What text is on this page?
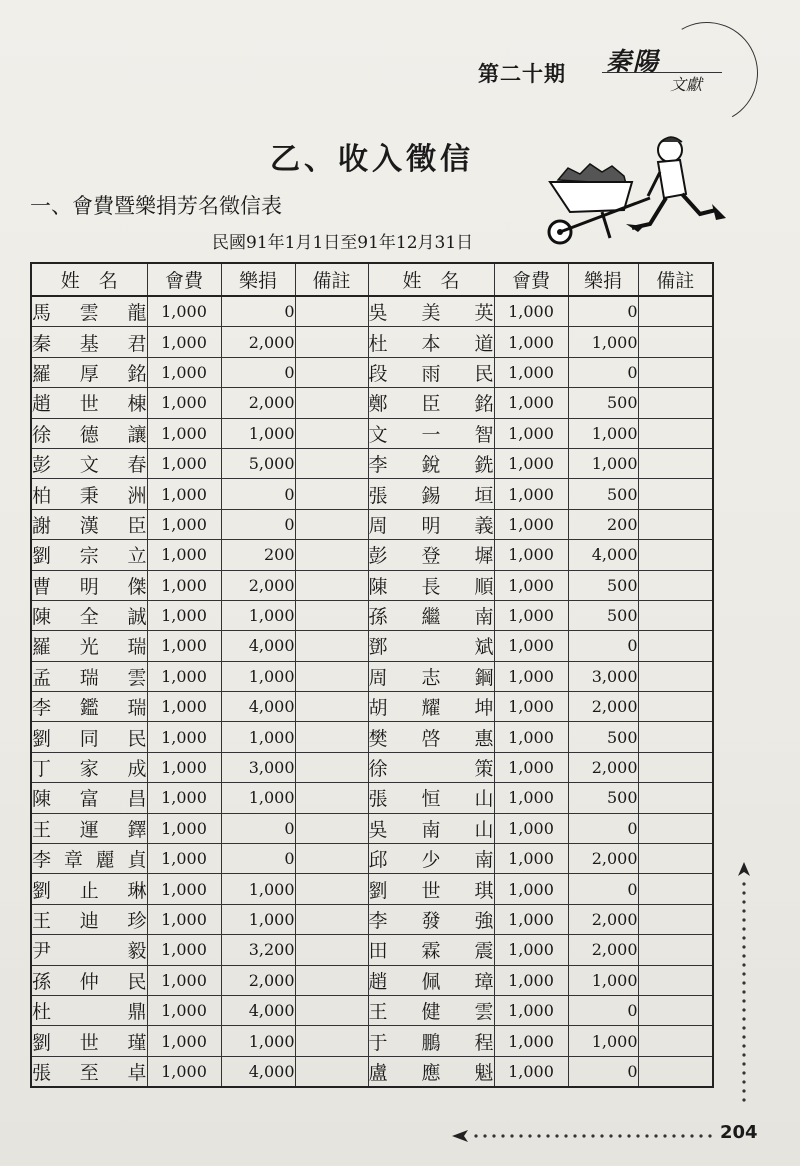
第二十期 秦陽
文獻
乙、收入徵信
一、會費暨樂捐芳名徵信表
民國91年1月1日至91年12月31日
姓　名	會費	樂捐	備註	姓　名	會費	樂捐	備註
馬雲龍	1,000	0		吳美英	1,000	0	
秦基君	1,000	2,000		杜本道	1,000	1,000	
羅厚銘	1,000	0		段雨民	1,000	0	
趙世棟	1,000	2,000		鄭臣銘	1,000	500	
徐德讓	1,000	1,000		文一智	1,000	1,000	
彭文春	1,000	5,000		李銳銑	1,000	1,000	
柏秉洲	1,000	0		張錫垣	1,000	500	
謝漢臣	1,000	0		周明義	1,000	200	
劉宗立	1,000	200		彭登墀	1,000	4,000	
曹明傑	1,000	2,000		陳長順	1,000	500	
陳全誠	1,000	1,000		孫繼南	1,000	500	
羅光瑞	1,000	4,000		鄧斌	1,000	0	
孟瑞雲	1,000	1,000		周志鋼	1,000	3,000	
李鑑瑞	1,000	4,000		胡耀坤	1,000	2,000	
劉同民	1,000	1,000		樊啓惠	1,000	500	
丁家成	1,000	3,000		徐策	1,000	2,000	
陳富昌	1,000	1,000		張恒山	1,000	500	
王運鐸	1,000	0		吳南山	1,000	0	
李章麗貞	1,000	0		邱少南	1,000	2,000	
劉止琳	1,000	1,000		劉世琪	1,000	0	
王迪珍	1,000	1,000		李發強	1,000	2,000	
尹毅	1,000	3,200		田霖震	1,000	2,000	
孫仲民	1,000	2,000		趙佩璋	1,000	1,000	
杜鼎	1,000	4,000		王健雲	1,000	0	
劉世瑾	1,000	1,000		于鵬程	1,000	1,000	
張至卓	1,000	4,000		盧應魁	1,000	0	
204
